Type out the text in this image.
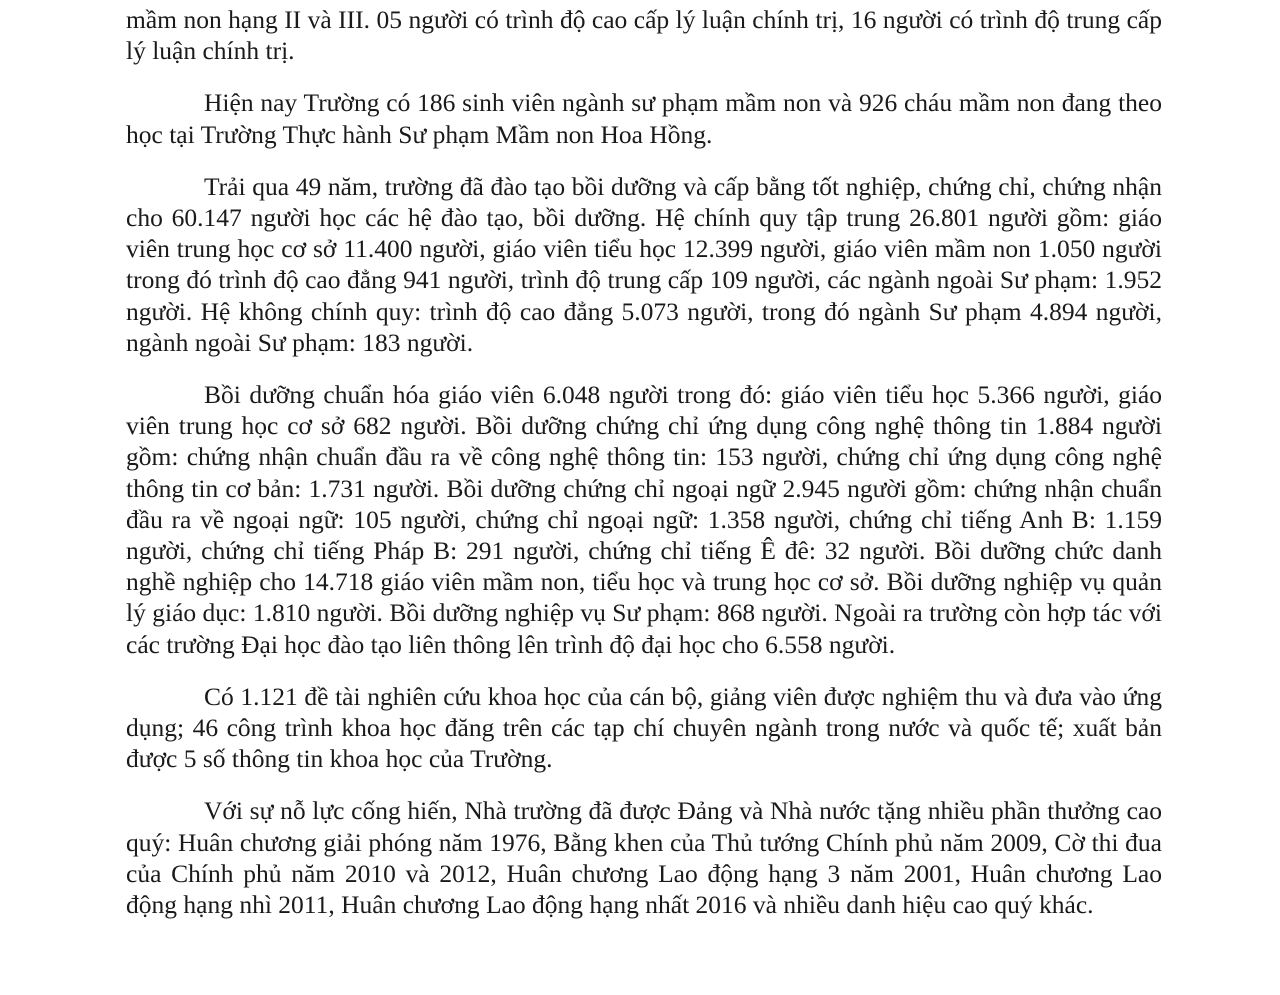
mầm non hạng II và III. 05 người có trình độ cao cấp lý luận chính trị, 16 người có trình độ trung cấp lý luận chính trị.

Hiện nay Trường có 186 sinh viên ngành sư phạm mầm non và 926 cháu mầm non đang theo học tại Trường Thực hành Sư phạm Mầm non Hoa Hồng.

Trải qua 49 năm, trường đã đào tạo bồi dưỡng và cấp bằng tốt nghiệp, chứng chỉ, chứng nhận cho 60.147 người học các hệ đào tạo, bồi dưỡng. Hệ chính quy tập trung 26.801 người gồm: giáo viên trung học cơ sở 11.400 người, giáo viên tiểu học 12.399 người, giáo viên mầm non 1.050 người trong đó trình độ cao đẳng 941 người, trình độ trung cấp 109 người, các ngành ngoài Sư phạm: 1.952 người. Hệ không chính quy: trình độ cao đẳng 5.073 người, trong đó ngành Sư phạm 4.894 người, ngành ngoài Sư phạm: 183 người.

Bồi dưỡng chuẩn hóa giáo viên 6.048 người trong đó: giáo viên tiểu học 5.366 người, giáo viên trung học cơ sở 682 người. Bồi dưỡng chứng chỉ ứng dụng công nghệ thông tin 1.884 người gồm: chứng nhận chuẩn đầu ra về công nghệ thông tin: 153 người, chứng chỉ ứng dụng công nghệ thông tin cơ bản: 1.731 người. Bồi dưỡng chứng chỉ ngoại ngữ 2.945 người gồm: chứng nhận chuẩn đầu ra về ngoại ngữ: 105 người, chứng chỉ ngoại ngữ: 1.358 người, chứng chỉ tiếng Anh B: 1.159 người, chứng chỉ tiếng Pháp B: 291 người, chứng chỉ tiếng Ê đê: 32 người. Bồi dưỡng chức danh nghề nghiệp cho 14.718 giáo viên mầm non, tiểu học và trung học cơ sở. Bồi dưỡng nghiệp vụ quản lý giáo dục: 1.810 người. Bồi dưỡng nghiệp vụ Sư phạm: 868 người. Ngoài ra trường còn hợp tác với các trường Đại học đào tạo liên thông lên trình độ đại học cho 6.558 người.

Có 1.121 đề tài nghiên cứu khoa học của cán bộ, giảng viên được nghiệm thu và đưa vào ứng dụng; 46 công trình khoa học đăng trên các tạp chí chuyên ngành trong nước và quốc tế; xuất bản được 5 số thông tin khoa học của Trường.

Với sự nỗ lực cống hiến, Nhà trường đã được Đảng và Nhà nước tặng nhiều phần thưởng cao quý: Huân chương giải phóng năm 1976, Bằng khen của Thủ tướng Chính phủ năm 2009, Cờ thi đua của Chính phủ năm 2010 và 2012, Huân chương Lao động hạng 3 năm 2001, Huân chương Lao động hạng nhì 2011, Huân chương Lao động hạng nhất 2016 và nhiều danh hiệu cao quý khác.
